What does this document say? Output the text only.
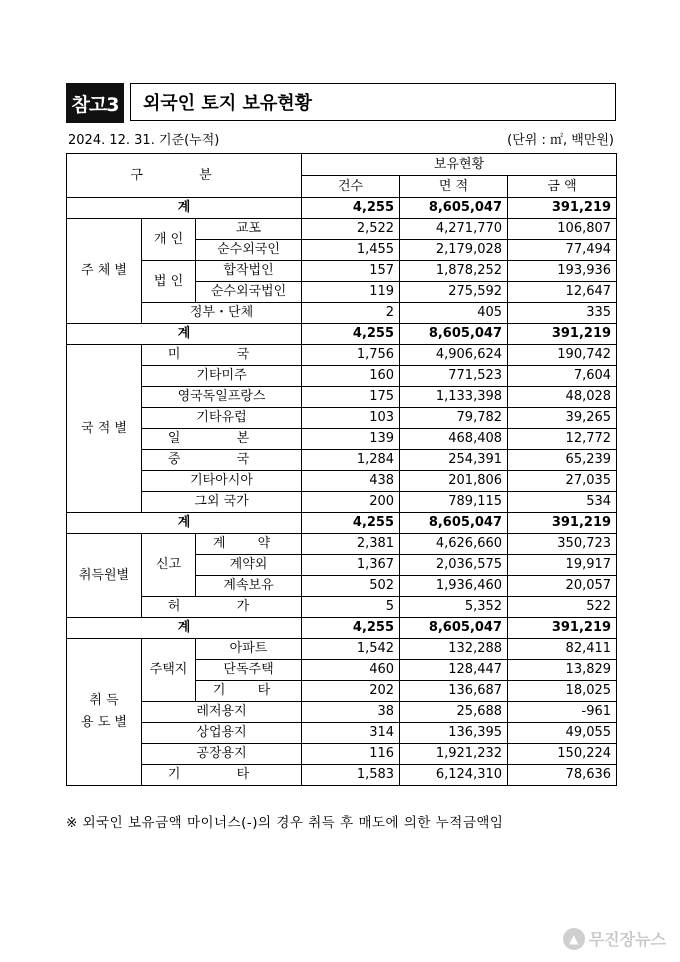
참고3	외국인 토지 보유현황
2024. 12. 31. 기준(누적)	(단위 : ㎡, 백만원)
구 분			보유현황		
			건수	면 적	금 액
계			4,255	8,605,047	391,219
주 체 별	개 인	교포	2,522	4,271,770	106,807
		순수외국인	1,455	2,179,028	77,494
	법 인	합작법인	157	1,878,252	193,936
		순수외국법인	119	275,592	12,647
	정부・단체		2	405	335
계			4,255	8,605,047	391,219
국 적 별	미 국		1,756	4,906,624	190,742
	기타미주		160	771,523	7,604
	영국독일프랑스		175	1,133,398	48,028
	기타유럽		103	79,782	39,265
	일 본		139	468,408	12,772
	중 국		1,284	254,391	65,239
	기타아시아		438	201,806	27,035
	그외 국가		200	789,115	534
계			4,255	8,605,047	391,219
취득원별	신고	계 약	2,381	4,626,660	350,723
		계약외	1,367	2,036,575	19,917
		계속보유	502	1,936,460	20,057
	허 가		5	5,352	522
계			4,255	8,605,047	391,219

취 득
용 도 별	주택지	아파트	1,542	132,288	82,411
		단독주택	460	128,447	13,829
		기 타	202	136,687	18,025
	레저용지		38	25,688	-961
	상업용지		314	136,395	49,055
	공장용지		116	1,921,232	150,224
	기 타		1,583	6,124,310	78,636
※ 외국인 보유금액 마이너스(-)의 경우 취득 후 매도에 의한 누적금액임
▲ 무진장뉴스
